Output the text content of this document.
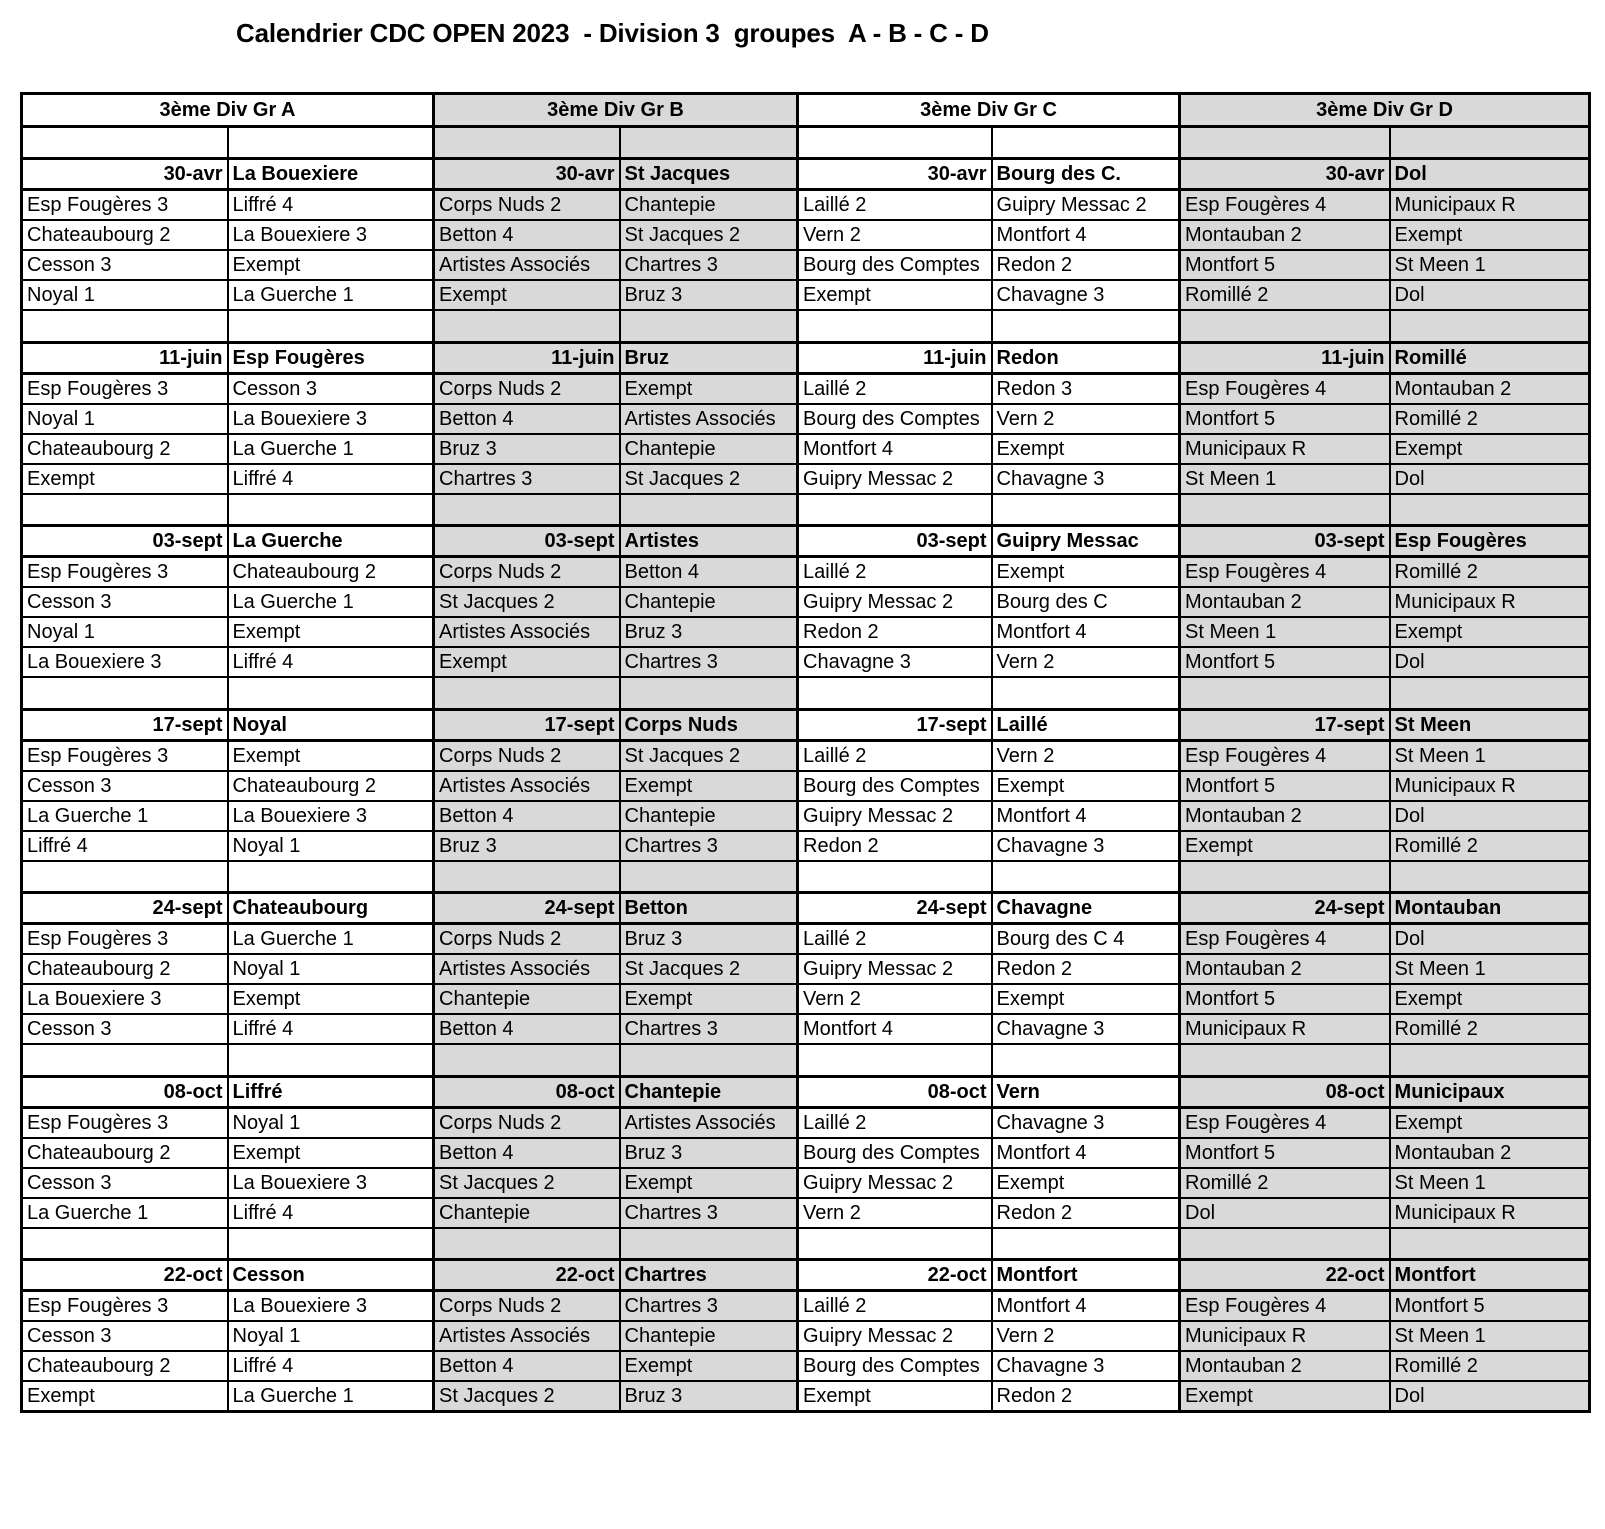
Calendrier CDC OPEN 2023  - Division 3  groupes  A - B - C - D
3ème Div Gr A		3ème Div Gr B		3ème Div Gr C		3ème Div Gr D	

30-avr	La Bouexiere	30-avr	St Jacques	30-avr	Bourg des C.	30-avr	Dol
Esp Fougères 3	Liffré 4	Corps Nuds 2	Chantepie	Laillé 2	Guipry Messac 2	Esp Fougères 4	Municipaux R
Chateaubourg 2	La Bouexiere 3	Betton 4	St Jacques 2	Vern 2	Montfort 4	Montauban 2	Exempt
Cesson 3	Exempt	Artistes Associés	Chartres 3	Bourg des Comptes	Redon 2	Montfort 5	St Meen 1
Noyal 1	La Guerche 1	Exempt	Bruz 3	Exempt	Chavagne 3	Romillé 2	Dol

11-juin	Esp Fougères	11-juin	Bruz	11-juin	Redon	11-juin	Romillé
Esp Fougères 3	Cesson 3	Corps Nuds 2	Exempt	Laillé 2	Redon 3	Esp Fougères 4	Montauban 2
Noyal 1	La Bouexiere 3	Betton 4	Artistes Associés	Bourg des Comptes	Vern 2	Montfort 5	Romillé 2
Chateaubourg 2	La Guerche 1	Bruz 3	Chantepie	Montfort 4	Exempt	Municipaux R	Exempt
Exempt	Liffré 4	Chartres 3	St Jacques 2	Guipry Messac 2	Chavagne 3	St Meen 1	Dol

03-sept	La Guerche	03-sept	Artistes	03-sept	Guipry Messac	03-sept	Esp Fougères
Esp Fougères 3	Chateaubourg 2	Corps Nuds 2	Betton 4	Laillé 2	Exempt	Esp Fougères 4	Romillé 2
Cesson 3	La Guerche 1	St Jacques 2	Chantepie	Guipry Messac 2	Bourg des C	Montauban 2	Municipaux R
Noyal 1	Exempt	Artistes Associés	Bruz 3	Redon 2	Montfort 4	St Meen 1	Exempt
La Bouexiere 3	Liffré 4	Exempt	Chartres 3	Chavagne 3	Vern 2	Montfort 5	Dol

17-sept	Noyal	17-sept	Corps Nuds	17-sept	Laillé	17-sept	St Meen
Esp Fougères 3	Exempt	Corps Nuds 2	St Jacques 2	Laillé 2	Vern 2	Esp Fougères 4	St Meen 1
Cesson 3	Chateaubourg 2	Artistes Associés	Exempt	Bourg des Comptes	Exempt	Montfort 5	Municipaux R
La Guerche 1	La Bouexiere 3	Betton 4	Chantepie	Guipry Messac 2	Montfort 4	Montauban 2	Dol
Liffré 4	Noyal 1	Bruz 3	Chartres 3	Redon 2	Chavagne 3	Exempt	Romillé 2

24-sept	Chateaubourg	24-sept	Betton	24-sept	Chavagne	24-sept	Montauban
Esp Fougères 3	La Guerche 1	Corps Nuds 2	Bruz 3	Laillé 2	Bourg des C 4	Esp Fougères 4	Dol
Chateaubourg 2	Noyal 1	Artistes Associés	St Jacques 2	Guipry Messac 2	Redon 2	Montauban 2	St Meen 1
La Bouexiere 3	Exempt	Chantepie	Exempt	Vern 2	Exempt	Montfort 5	Exempt
Cesson 3	Liffré 4	Betton 4	Chartres 3	Montfort 4	Chavagne 3	Municipaux R	Romillé 2

08-oct	Liffré	08-oct	Chantepie	08-oct	Vern	08-oct	Municipaux
Esp Fougères 3	Noyal 1	Corps Nuds 2	Artistes Associés	Laillé 2	Chavagne 3	Esp Fougères 4	Exempt
Chateaubourg 2	Exempt	Betton 4	Bruz 3	Bourg des Comptes	Montfort 4	Montfort 5	Montauban 2
Cesson 3	La Bouexiere 3	St Jacques 2	Exempt	Guipry Messac 2	Exempt	Romillé 2	St Meen 1
La Guerche 1	Liffré 4	Chantepie	Chartres 3	Vern 2	Redon 2	Dol	Municipaux R

22-oct	Cesson	22-oct	Chartres	22-oct	Montfort	22-oct	Montfort
Esp Fougères 3	La Bouexiere 3	Corps Nuds 2	Chartres 3	Laillé 2	Montfort 4	Esp Fougères 4	Montfort 5
Cesson 3	Noyal 1	Artistes Associés	Chantepie	Guipry Messac 2	Vern 2	Municipaux R	St Meen 1
Chateaubourg 2	Liffré 4	Betton 4	Exempt	Bourg des Comptes	Chavagne 3	Montauban 2	Romillé 2
Exempt	La Guerche 1	St Jacques 2	Bruz 3	Exempt	Redon 2	Exempt	Dol
